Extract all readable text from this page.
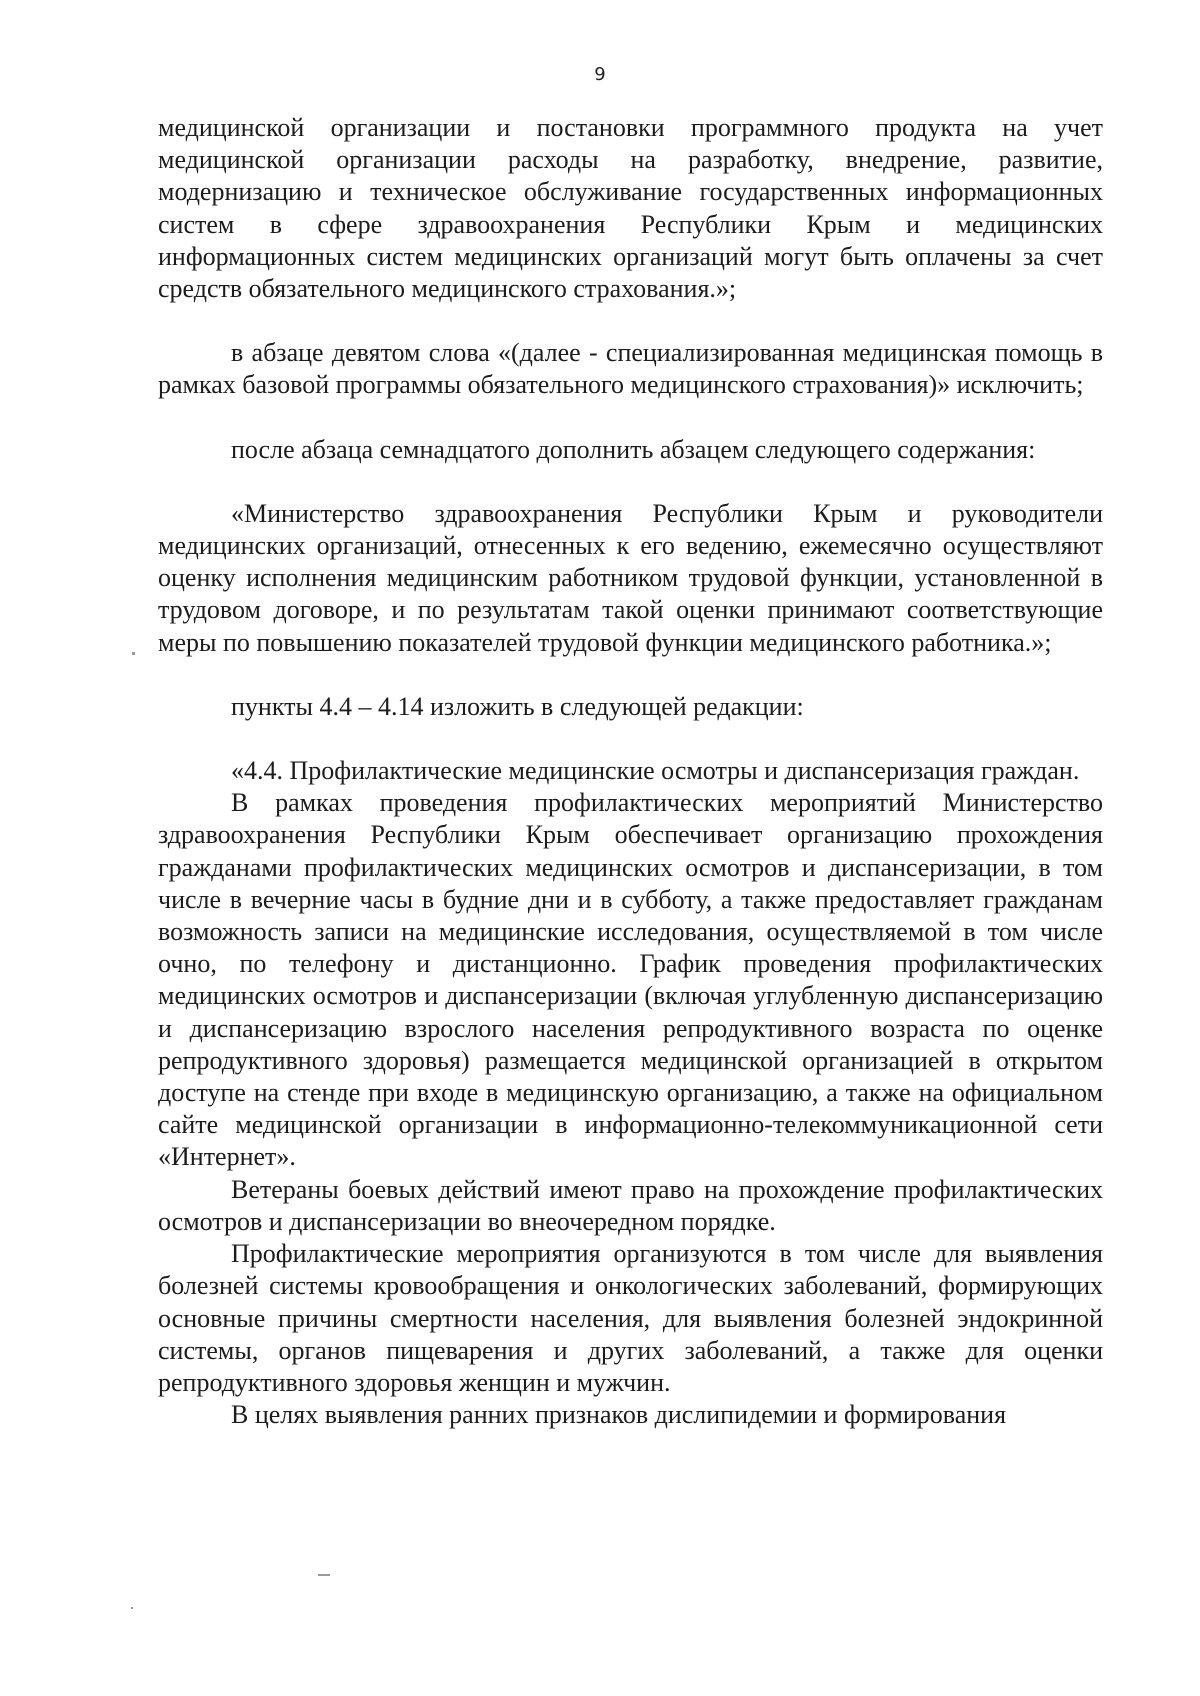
9

медицинской организации и постановки программного продукта на учет медицинской организации расходы на разработку, внедрение, развитие, модернизацию и техническое обслуживание государственных информационных систем в сфере здравоохранения Республики Крым и медицинских информационных систем медицинских организаций могут быть оплачены за счет средств обязательного медицинского страхования.»;

в абзаце девятом слова «(далее - специализированная медицинская помощь в рамках базовой программы обязательного медицинского страхования)» исключить;

после абзаца семнадцатого дополнить абзацем следующего содержания:

«Министерство здравоохранения Республики Крым и руководители медицинских организаций, отнесенных к его ведению, ежемесячно осуществляют оценку исполнения медицинским работником трудовой функции, установленной в трудовом договоре, и по результатам такой оценки принимают соответствующие меры по повышению показателей трудовой функции медицинского работника.»;

пункты 4.4 – 4.14 изложить в следующей редакции:

«4.4. Профилактические медицинские осмотры и диспансеризация граждан.

В рамках проведения профилактических мероприятий Министерство здравоохранения Республики Крым обеспечивает организацию прохождения гражданами профилактических медицинских осмотров и диспансеризации, в том числе в вечерние часы в будние дни и в субботу, а также предоставляет гражданам возможность записи на медицинские исследования, осуществляемой в том числе очно, по телефону и дистанционно. График проведения профилактических медицинских осмотров и диспансеризации (включая углубленную диспансеризацию и диспансеризацию взрослого населения репродуктивного возраста по оценке репродуктивного здоровья) размещается медицинской организацией в открытом доступе на стенде при входе в медицинскую организацию, а также на официальном сайте медицинской организации в информационно-телекоммуникационной сети «Интернет».

Ветераны боевых действий имеют право на прохождение профилактических осмотров и диспансеризации во внеочередном порядке.

Профилактические мероприятия организуются в том числе для выявления болезней системы кровообращения и онкологических заболеваний, формирующих основные причины смертности населения, для выявления болезней эндокринной системы, органов пищеварения и других заболеваний, а также для оценки репродуктивного здоровья женщин и мужчин.

В целях выявления ранних признаков дислипидемии и формирования
